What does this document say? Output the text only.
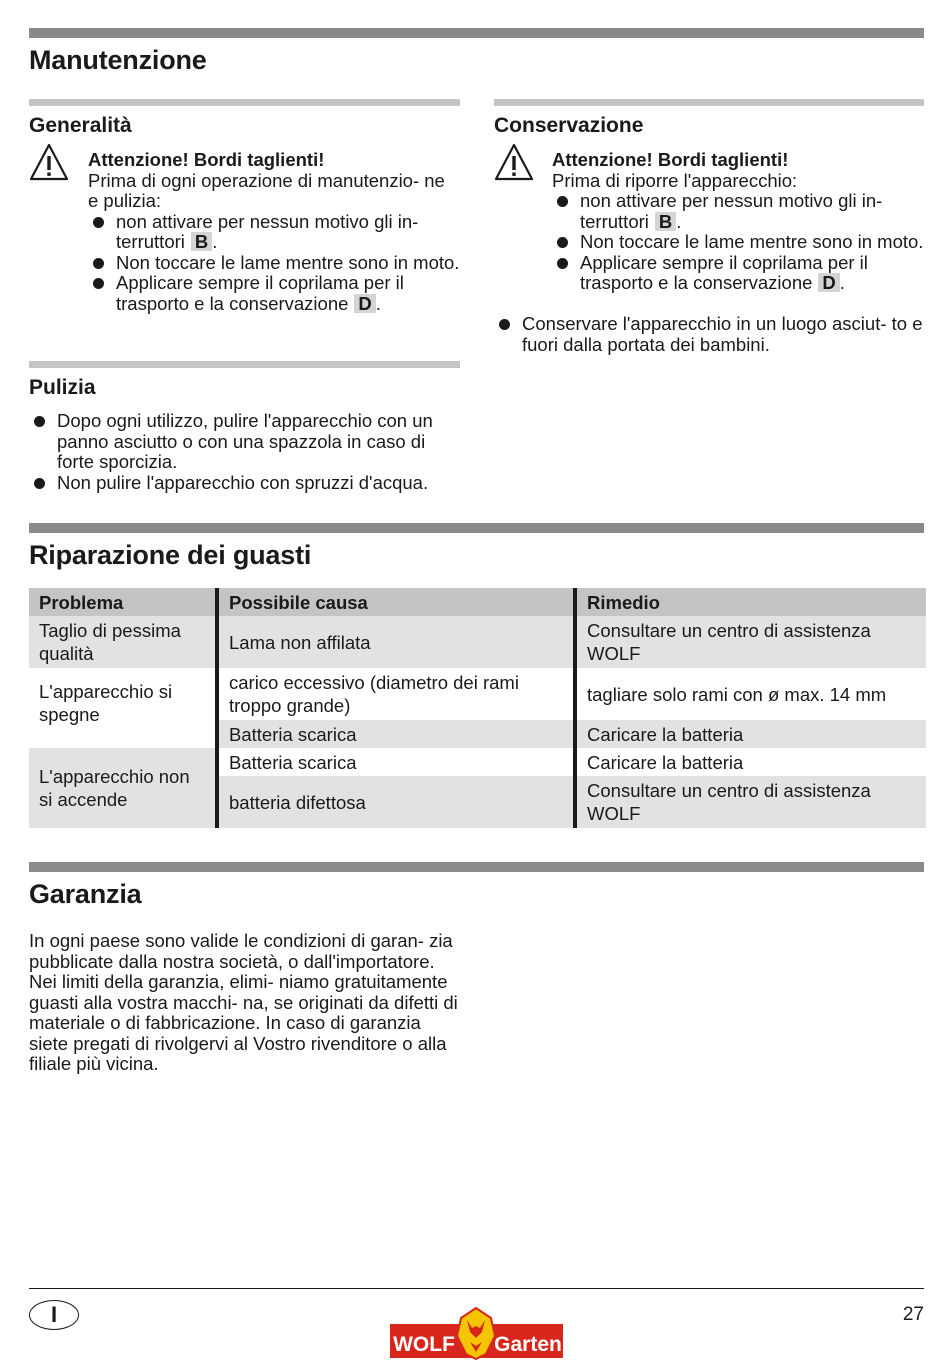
Manutenzione
Generalità
Attenzione! Bordi taglienti!
Prima di ogni operazione di manutenzio- ne e pulizia:
non attivare per nessun motivo gli in- terruttori B .
Non toccare le lame mentre sono in moto.
Applicare sempre il coprilama per il trasporto e la conservazione D .
Conservazione
Attenzione! Bordi taglienti!
Prima di riporre l'apparecchio:
non attivare per nessun motivo gli in- terruttori B .
Non toccare le lame mentre sono in moto.
Applicare sempre il coprilama per il trasporto e la conservazione D .
Conservare l'apparecchio in un luogo asciut- to e fuori dalla portata dei bambini.
Pulizia
Dopo ogni utilizzo, pulire l'apparecchio con un panno asciutto o con una spazzola in caso di forte sporcizia.
Non pulire l'apparecchio con spruzzi d'acqua.
Riparazione dei guasti
Problema	Possibile causa	Rimedio
Taglio di pessima qualità	Lama non affilata	Consultare un centro di assistenza WOLF
L'apparecchio si spegne	carico eccessivo (diametro dei rami troppo grande)	tagliare solo rami con ø max. 14 mm
	Batteria scarica	Caricare la batteria
L'apparecchio non si accende	Batteria scarica	Caricare la batteria
	batteria difettosa	Consultare un centro di assistenza WOLF
Garanzia
In ogni paese sono valide le condizioni di garan- zia pubblicate dalla nostra società, o dall'importatore. Nei limiti della garanzia, elimi- niamo gratuitamente guasti alla vostra macchi- na, se originati da difetti di materiale o di fabbricazione. In caso di garanzia siete pregati di rivolgervi al Vostro rivenditore o alla filiale più vicina.
I	27
WOLF Garten
